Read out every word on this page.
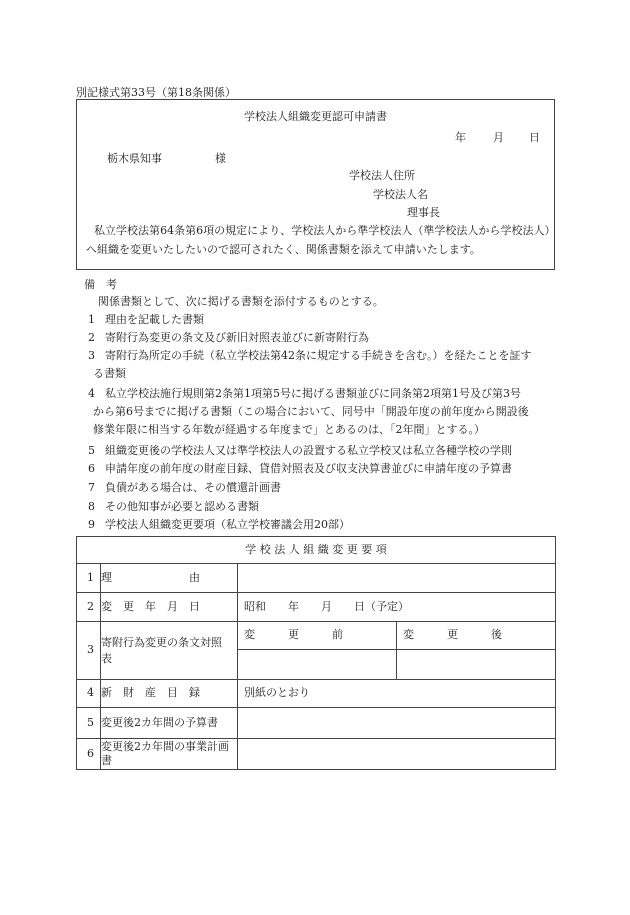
別記様式第33号（第18条関係）
学校法人組織変更認可申請書
年 月 日
栃木県知事	様
学校法人住所
学校法人名
理事長
私立学校法第64条第6項の規定により、学校法人から準学校法人（準学校法人から学校法人）へ組織を変更いたしたいので認可されたく、関係書類を添えて申請いたします。
備　考
関係書類として、次に掲げる書類を添付するものとする。
1 理由を記載した書類
2 寄附行為変更の条文及び新旧対照表並びに新寄附行為
3 寄附行為所定の手続（私立学校法第42条に規定する手続きを含む。）を経たことを証す
る書類
4 私立学校法施行規則第2条第1項第5号に掲げる書類並びに同条第2項第1号及び第3号
から第6号までに掲げる書類（この場合において、同号中「開設年度の前年度から開設後
修業年限に相当する年数が経過する年度まで」とあるのは、「2年間」とする。）
5 組織変更後の学校法人又は準学校法人の設置する私立学校又は私立各種学校の学則
6 申請年度の前年度の財産目録、貸借対照表及び収支決算書並びに申請年度の予算書
7 負債がある場合は、その償還計画書
8 その他知事が必要と認める書類
9 学校法人組織変更要項（私立学校審議会用20部）
学 校 法 人 組 織 変 更 要 項			
1	理　　　　　　　由		
2	変　更　年　月　日	昭和　　年　　月　　日（予定）	
3	寄附行為変更の条文対照表	変　　　更　　　前	変　　　更　　　後

4	新　財　産　目　録	別紙のとおり	
5	変更後2カ年間の予算書		
6	変更後2カ年間の事業計画書		
